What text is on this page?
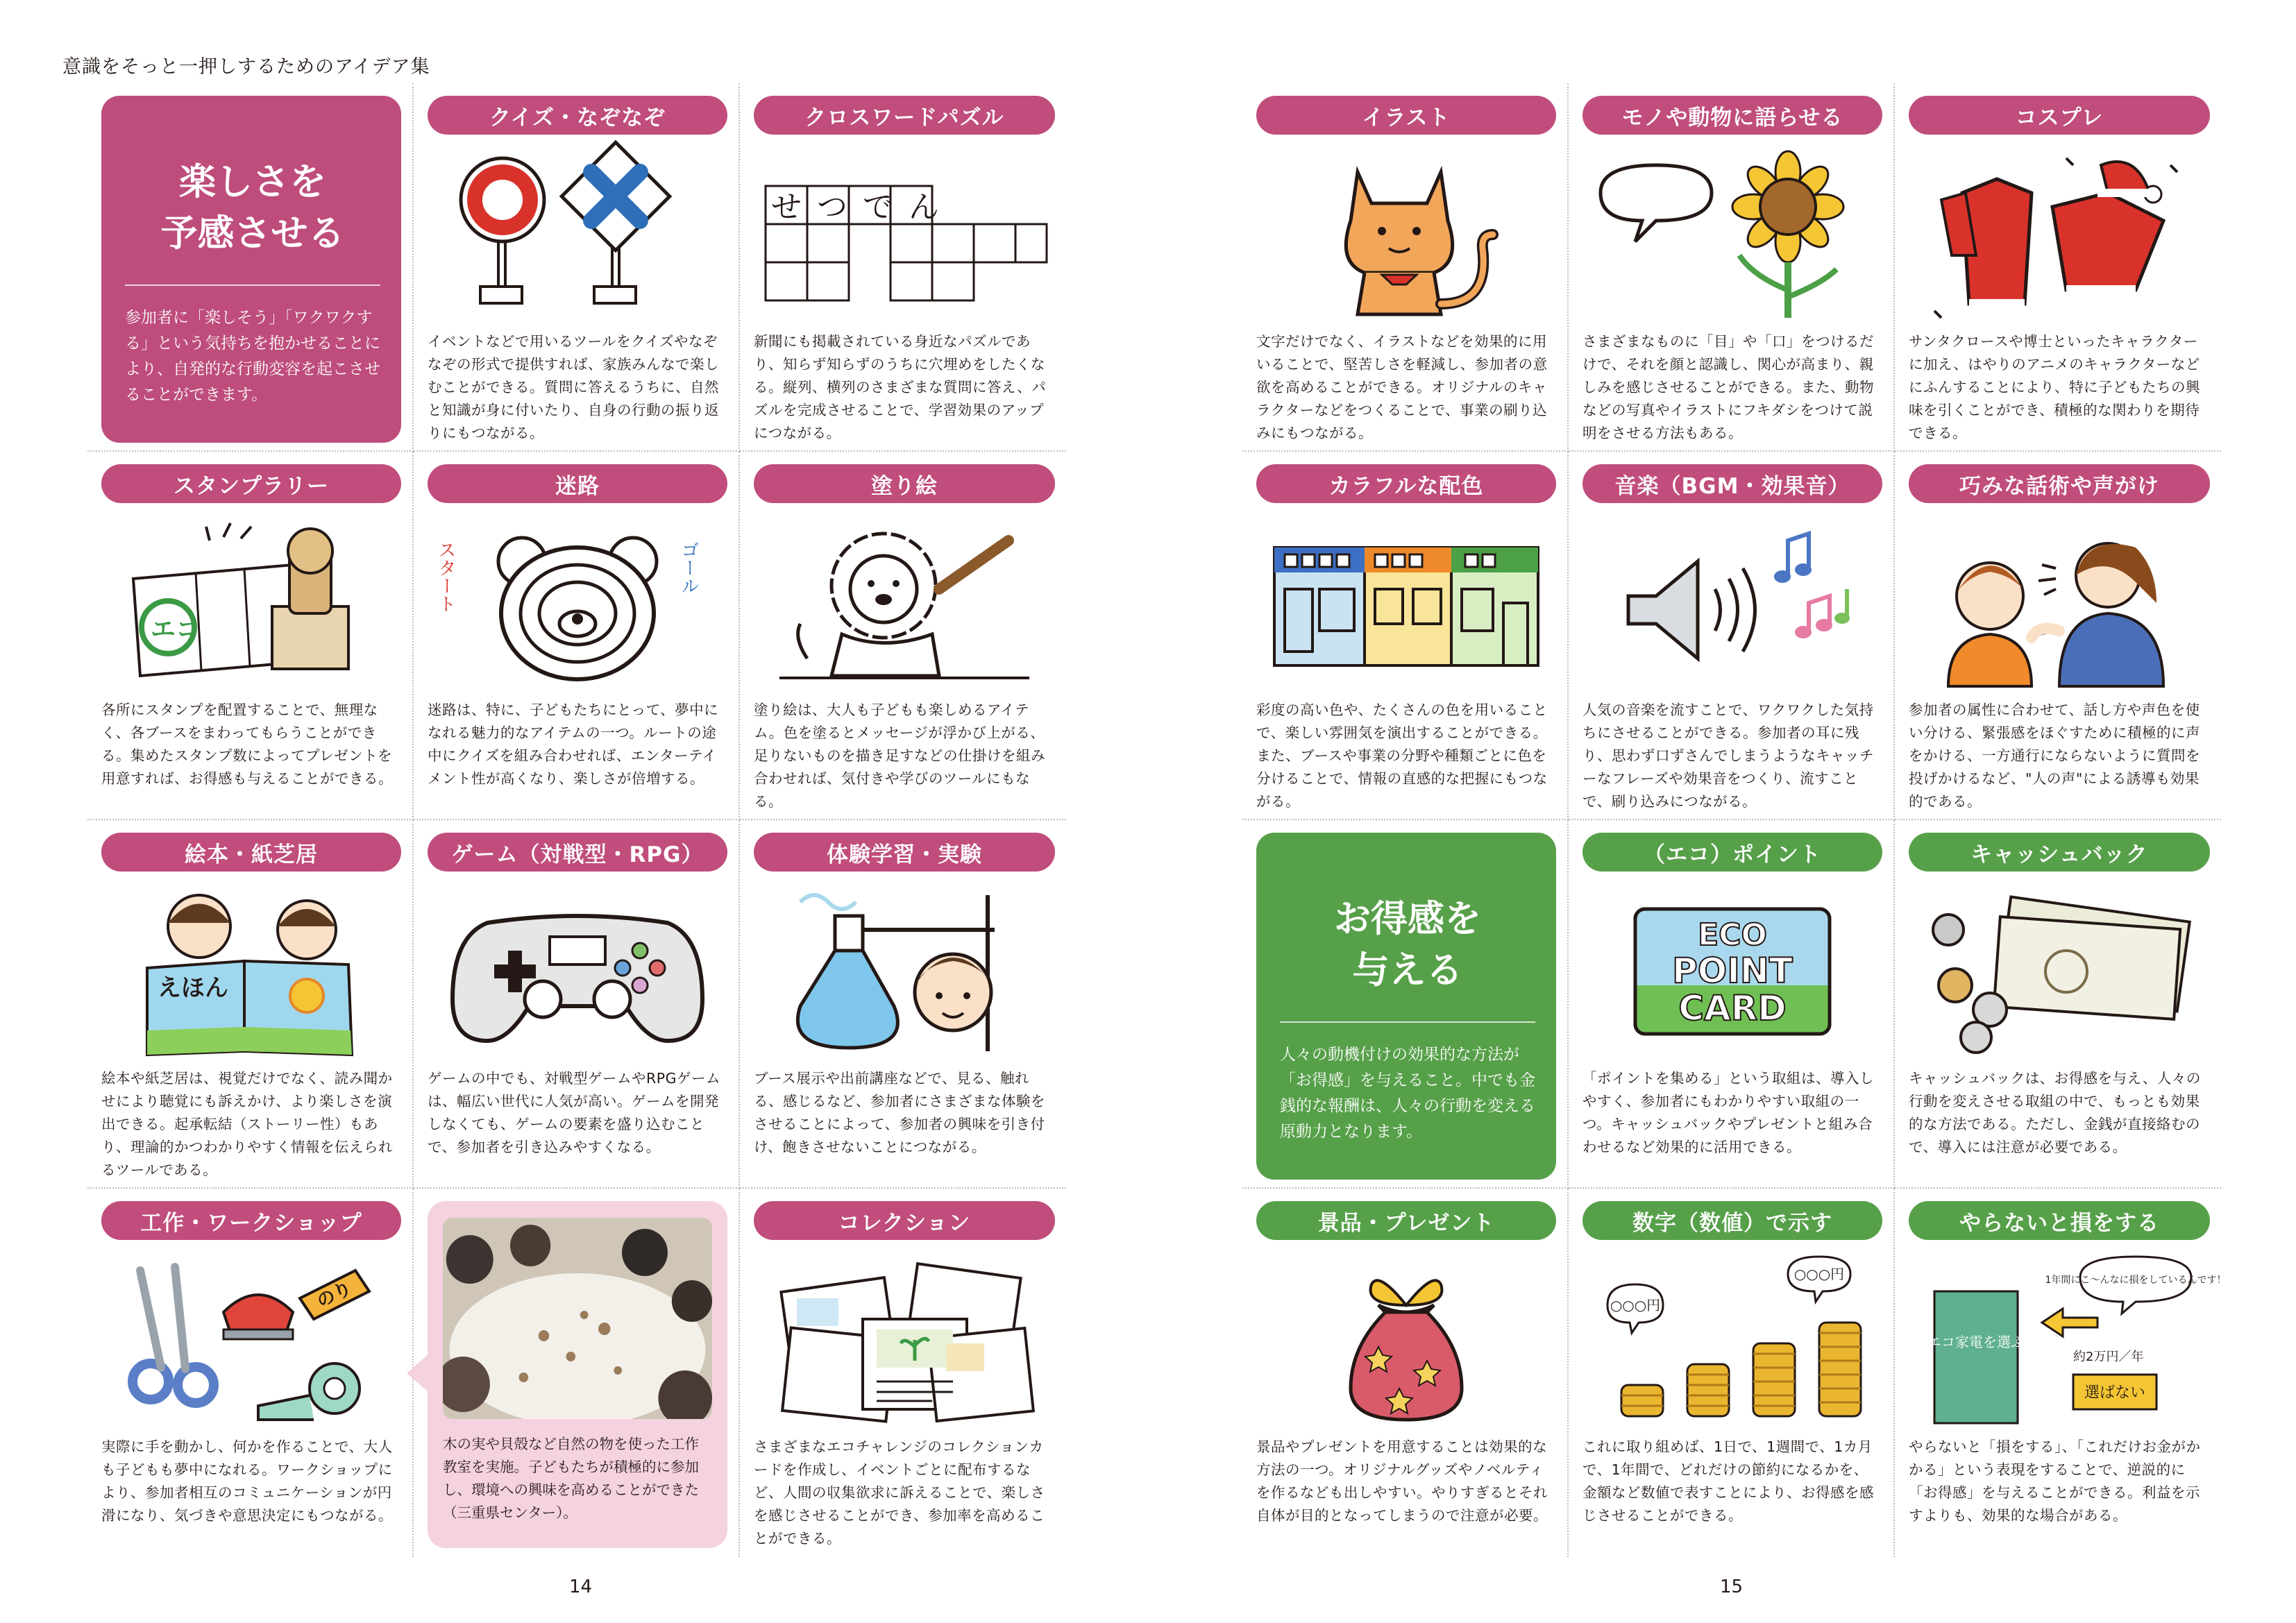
意識をそっと一押しするためのアイデア集
楽しさを
予感させる
参加者に「楽しそう」「ワクワクする」という気持ちを抱かせることにより、自発的な行動変容を起こさせることができます。
クイズ・なぞなぞ
イベントなどで用いるツールをクイズやなぞなぞの形式で提供すれば、家族みんなで楽しむことができる。質問に答えるうちに、自然と知識が身に付いたり、自身の行動の振り返りにもつながる。
クロスワードパズル
せつでん
新聞にも掲載されている身近なパズルであり、知らず知らずのうちに穴埋めをしたくなる。縦列、横列のさまざまな質問に答え、パズルを完成させることで、学習効果のアップにつながる。
スタンプラリー
エコ
各所にスタンプを配置することで、無理なく、各ブースをまわってもらうことができる。集めたスタンプ数によってプレゼントを用意すれば、お得感も与えることができる。
迷路
スタート	ゴール
迷路は、特に、子どもたちにとって、夢中になれる魅力的なアイテムの一つ。ルートの途中にクイズを組み合わせれば、エンターテイメント性が高くなり、楽しさが倍増する。
塗り絵
塗り絵は、大人も子どもも楽しめるアイテム。色を塗るとメッセージが浮かび上がる、足りないものを描き足すなどの仕掛けを組み合わせれば、気付きや学びのツールにもなる。
絵本・紙芝居
えほん
絵本や紙芝居は、視覚だけでなく、読み聞かせにより聴覚にも訴えかけ、より楽しさを演出できる。起承転結（ストーリー性）もあり、理論的かつわかりやすく情報を伝えられるツールである。
ゲーム（対戦型・RPG）
ゲームの中でも、対戦型ゲームやRPGゲームは、幅広い世代に人気が高い。ゲームを開発しなくても、ゲームの要素を盛り込むことで、参加者を引き込みやすくなる。
体験学習・実験
ブース展示や出前講座などで、見る、触れる、感じるなど、参加者にさまざまな体験をさせることによって、参加者の興味を引き付け、飽きさせないことにつながる。
工作・ワークショップ
のり
実際に手を動かし、何かを作ることで、大人も子どもも夢中になれる。ワークショップにより、参加者相互のコミュニケーションが円滑になり、気づきや意思決定にもつながる。
木の実や貝殻など自然の物を使った工作教室を実施。子どもたちが積極的に参加し、環境への興味を高めることができた（三重県センター）。
コレクション
さまざまなエコチャレンジのコレクションカードを作成し、イベントごとに配布するなど、人間の収集欲求に訴えることで、楽しさを感じさせることができ、参加率を高めることができる。
イラスト
文字だけでなく、イラストなどを効果的に用いることで、堅苦しさを軽減し、参加者の意欲を高めることができる。オリジナルのキャラクターなどをつくることで、事業の刷り込みにもつながる。
モノや動物に語らせる
さまざまなものに「目」や「口」をつけるだけで、それを顔と認識し、関心が高まり、親しみを感じさせることができる。また、動物などの写真やイラストにフキダシをつけて説明をさせる方法もある。
コスプレ
サンタクロースや博士といったキャラクターに加え、はやりのアニメのキャラクターなどにふんすることにより、特に子どもたちの興味を引くことができ、積極的な関わりを期待できる。
カラフルな配色
彩度の高い色や、たくさんの色を用いることで、楽しい雰囲気を演出することができる。また、ブースや事業の分野や種類ごとに色を分けることで、情報の直感的な把握にもつながる。
音楽（BGM・効果音）
人気の音楽を流すことで、ワクワクした気持ちにさせることができる。参加者の耳に残り、思わず口ずさんでしまうようなキャッチーなフレーズや効果音をつくり、流すことで、刷り込みにつながる。
巧みな話術や声がけ
参加者の属性に合わせて、話し方や声色を使い分ける、緊張感をほぐすために積極的に声をかける、一方通行にならないように質問を投げかけるなど、"人の声"による誘導も効果的である。
お得感を
与える
人々の動機付けの効果的な方法が「お得感」を与えること。中でも金銭的な報酬は、人々の行動を変える原動力となります。
（エコ）ポイント
ECO
POINT
CARD
「ポイントを集める」という取組は、導入しやすく、参加者にもわかりやすい取組の一つ。キャッシュバックやプレゼントと組み合わせるなど効果的に活用できる。
キャッシュバック
キャッシュバックは、お得感を与え、人々の行動を変えさせる取組の中で、もっとも効果的な方法である。ただし、金銭が直接絡むので、導入には注意が必要である。
景品・プレゼント
景品やプレゼントを用意することは効果的な方法の一つ。オリジナルグッズやノベルティを作るなども出しやすい。やりすぎるとそれ自体が目的となってしまうので注意が必要。
数字（数値）で示す
○○○円
○○○円
これに取り組めば、1日で、1週間で、1カ月で、1年間で、どれだけの節約になるかを、金額など数値で表すことにより、お得感を感じさせることができる。
やらないと損をする
エコ家電を選ぶ
約2万円／年
選ばない
1年間にこ～んなに損をしているんです！
やらないと「損をする」、「これだけお金がかかる」という表現をすることで、逆説的に「お得感」を与えることができる。利益を示すよりも、効果的な場合がある。
14	15
